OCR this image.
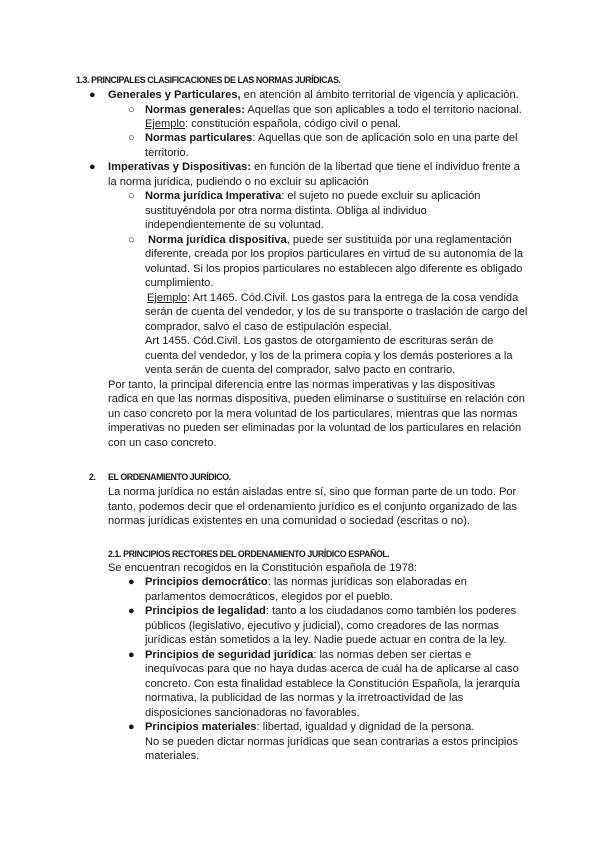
1.3. PRINCIPALES CLASIFICACIONES DE LAS NORMAS JURÍDICAS.
● Generales y Particulares, en atención al ámbito territorial de vigencia y aplicación.
○ Normas generales: Aquellas que son aplicables a todo el territorio nacional.
Ejemplo: constitución española, código civil o penal.
○ Normas particulares: Aquellas que son de aplicación solo en una parte del
territorio.
● Imperativas y Dispositivas: en función de la libertad que tiene el individuo frente a
la norma jurídica, pudiendo o no excluir su aplicación
○ Norma jurídica Imperativa: el sujeto no puede excluir su aplicación
sustituyéndola por otra norma distinta. Obliga al individuo
independientemente de su voluntad.
○ Norma jurídica dispositiva, puede ser sustituida por una reglamentación
diferente, creada por los propios particulares en virtud de su autonomía de la
voluntad. Si los propios particulares no establecen algo diferente es obligado
cumplimiento.
Ejemplo: Art 1465. Cód.Civil. Los gastos para la entrega de la cosa vendida
serán de cuenta del vendedor, y los de su transporte o traslación de cargo del
comprador, salvo el caso de estipulación especial.
Art 1455. Cód.Civil. Los gastos de otorgamiento de escrituras serán de
cuenta del vendedor, y los de la primera copia y los demás posteriores a la
venta serán de cuenta del comprador, salvo pacto en contrario.
Por tanto, la principal diferencia entre las normas imperativas y las dispositivas
radica en que las normas dispositiva, pueden eliminarse o sustituirse en relación con
un caso concreto por la mera voluntad de los particulares, mientras que las normas
imperativas no pueden ser eliminadas por la voluntad de los particulares en relación
con un caso concreto.
2. EL ORDENAMIENTO JURÍDICO.
La norma jurídica no están aisladas entre sí, sino que forman parte de un todo. Por
tanto, podemos decir que el ordenamiento jurídico es el conjunto organizado de las
normas jurídicas existentes en una comunidad o sociedad (escritas o no).
2.1. PRINCIPIOS RECTORES DEL ORDENAMIENTO JURÍDICO ESPAÑOL.
Se encuentran recogidos en la Constitución española de 1978:
● Principios democrático: las normas jurídicas son elaboradas en
parlamentos democráticos, elegidos por el pueblo.
● Principios de legalidad: tanto a los ciudadanos como también los poderes
públicos (legislativo, ejecutivo y judicial), como creadores de las normas
jurídicas están sometidos a la ley. Nadie puede actuar en contra de la ley.
● Principios de seguridad jurídica: las normas deben ser ciertas e
inequívocas para que no haya dudas acerca de cuál ha de aplicarse al caso
concreto. Con esta finalidad establece la Constitución Española, la jerarquía
normativa, la publicidad de las normas y la irretroactividad de las
disposiciones sancionadoras no favorables.
● Principios materiales: libertad, igualdad y dignidad de la persona.
No se pueden dictar normas jurídicas que sean contrarias a estos principios
materiales.
